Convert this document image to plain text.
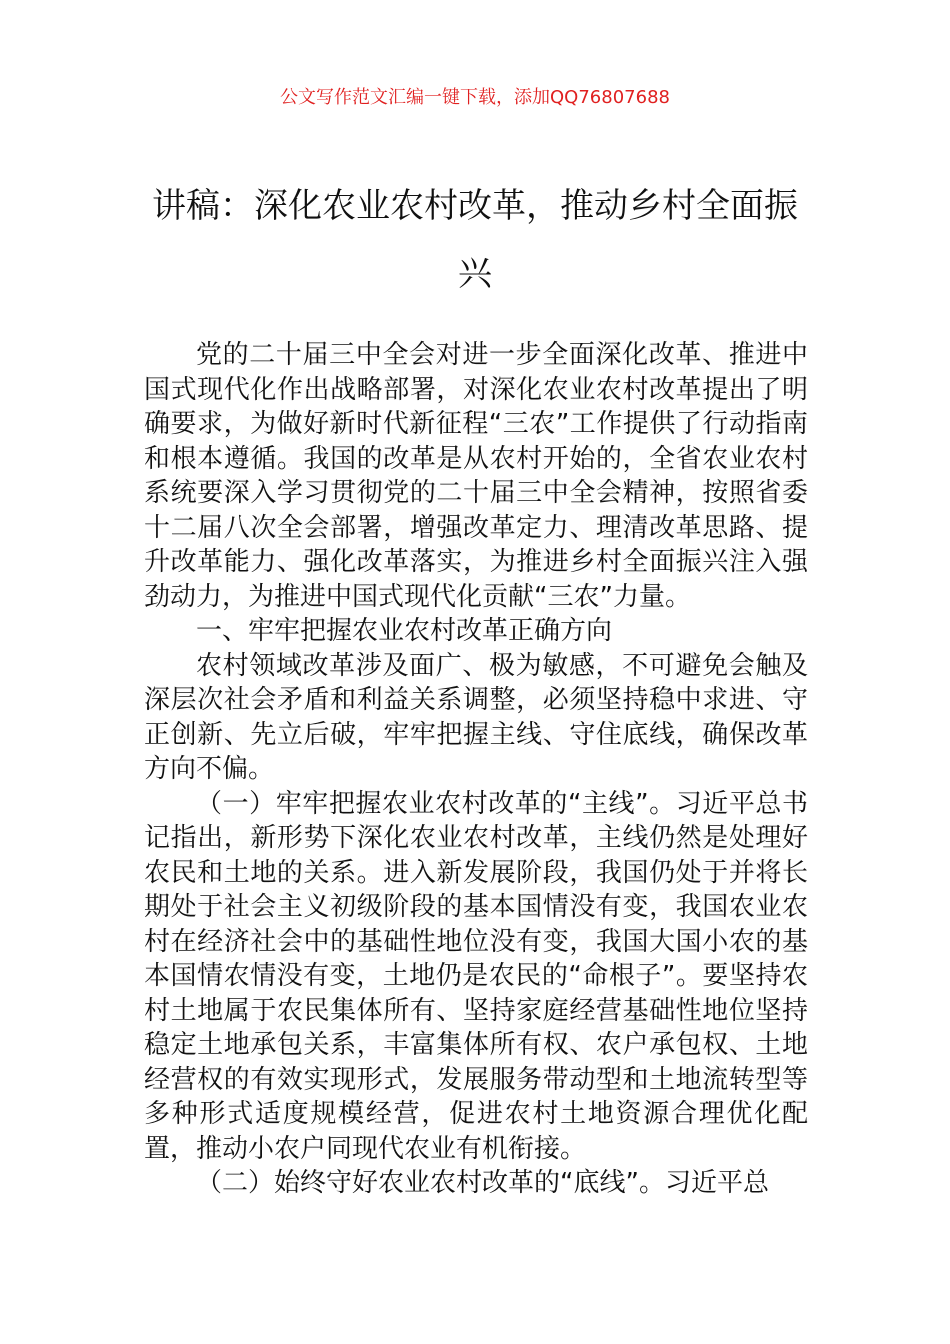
公文写作范文汇编一键下载，添加QQ76807688
讲稿：深化农业农村改革，推动乡村全面振兴

党的二十届三中全会对进一步全面深化改革、推进中国式现代化作出战略部署，对深化农业农村改革提出了明确要求，为做好新时代新征程“三农”工作提供了行动指南和根本遵循。我国的改革是从农村开始的，全省农业农村系统要深入学习贯彻党的二十届三中全会精神，按照省委十二届八次全会部署，增强改革定力、理清改革思路、提升改革能力、强化改革落实，为推进乡村全面振兴注入强劲动力，为推进中国式现代化贡献“三农”力量。

一、牢牢把握农业农村改革正确方向

农村领域改革涉及面广、极为敏感，不可避免会触及深层次社会矛盾和利益关系调整，必须坚持稳中求进、守正创新、先立后破，牢牢把握主线、守住底线，确保改革方向不偏。

（一）牢牢把握农业农村改革的“主线”。习近平总书记指出，新形势下深化农业农村改革，主线仍然是处理好农民和土地的关系。进入新发展阶段，我国仍处于并将长期处于社会主义初级阶段的基本国情没有变，我国农业农村在经济社会中的基础性地位没有变，我国大国小农的基本国情农情没有变，土地仍是农民的“命根子”。要坚持农村土地属于农民集体所有、坚持家庭经营基础性地位坚持稳定土地承包关系，丰富集体所有权、农户承包权、土地经营权的有效实现形式，发展服务带动型和土地流转型等多种形式适度规模经营，促进农村土地资源合理优化配置，推动小农户同现代农业有机衔接。

（二）始终守好农业农村改革的“底线”。习近平总
